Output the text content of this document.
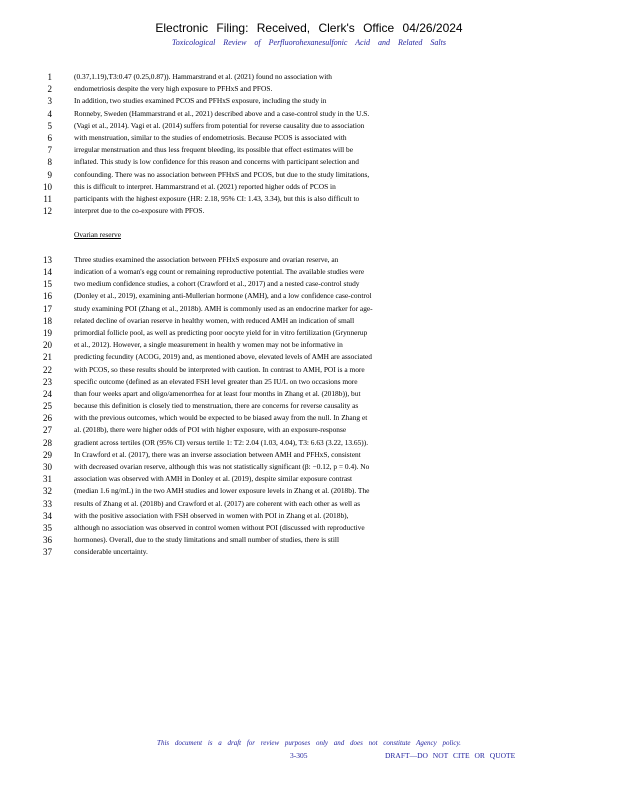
Electronic Filing: Received, Clerk's Office 04/26/2024
Toxicological Review of Perfluorohexanesulfonic Acid and Related Salts
1	(0.37,1.19),T3:0.47 (0.25,0.87)). Hammarstrand et al. (2021) found no association with
2	endometriosis despite the very high exposure to PFHxS and PFOS.
3	In addition, two studies examined PCOS and PFHxS exposure, including the study in
4	Ronneby, Sweden (Hammarstrand et al., 2021) described above and a case-control study in the U.S.
5	(Vagi et al., 2014). Vagi et al. (2014) suffers from potential for reverse causality due to association
6	with menstruation, similar to the studies of endometriosis. Because PCOS is associated with
7	irregular menstruation and thus less frequent bleeding, its possible that effect estimates will be
8	inflated. This study is low confidence for this reason and concerns with participant selection and
9	confounding. There was no association between PFHxS and PCOS, but due to the study limitations,
10	this is difficult to interpret. Hammarstrand et al. (2021) reported higher odds of PCOS in
11	participants with the highest exposure (HR: 2.18, 95% CI: 1.43, 3.34), but this is also difficult to
12	interpret due to the co-exposure with PFOS.
Ovarian reserve
13	Three studies examined the association between PFHxS exposure and ovarian reserve, an
14	indication of a woman's egg count or remaining reproductive potential. The available studies were
15	two medium confidence studies, a cohort (Crawford et al., 2017) and a nested case-control study
16	(Donley et al., 2019), examining anti-Mullerian hormone (AMH), and a low confidence case-control
17	study examining POI (Zhang et al., 2018b). AMH is commonly used as an endocrine marker for age-
18	related decline of ovarian reserve in healthy women, with reduced AMH an indication of small
19	primordial follicle pool, as well as predicting poor oocyte yield for in vitro fertilization (Grynnerup
20	et al., 2012). However, a single measurement in health y women may not be informative in
21	predicting fecundity (ACOG, 2019) and, as mentioned above, elevated levels of AMH are associated
22	with PCOS, so these results should be interpreted with caution. In contrast to AMH, POI is a more
23	specific outcome (defined as an elevated FSH level greater than 25 IU/L on two occasions more
24	than four weeks apart and oligo/amenorrhea for at least four months in Zhang et al. (2018b)), but
25	because this definition is closely tied to menstruation, there are concerns for reverse causality as
26	with the previous outcomes, which would be expected to be biased away from the null. In Zhang et
27	al. (2018b), there were higher odds of POI with higher exposure, with an exposure-response
28	gradient across tertiles (OR (95% CI) versus tertile 1: T2: 2.04 (1.03, 4.04), T3: 6.63 (3.22, 13.65)).
29	In Crawford et al. (2017), there was an inverse association between AMH and PFHxS, consistent
30	with decreased ovarian reserve, although this was not statistically significant (β: −0.12, p = 0.4). No
31	association was observed with AMH in Donley et al. (2019), despite similar exposure contrast
32	(median 1.6 ng/mL) in the two AMH studies and lower exposure levels in Zhang et al. (2018b). The
33	results of Zhang et al. (2018b) and Crawford et al. (2017) are coherent with each other as well as
34	with the positive association with FSH observed in women with POI in Zhang et al. (2018b),
35	although no association was observed in control women without POI (discussed with reproductive
36	hormones). Overall, due to the study limitations and small number of studies, there is still
37	considerable uncertainty.
This document is a draft for review purposes only and does not constitute Agency policy.
3-305	DRAFT—DO NOT CITE OR QUOTE
